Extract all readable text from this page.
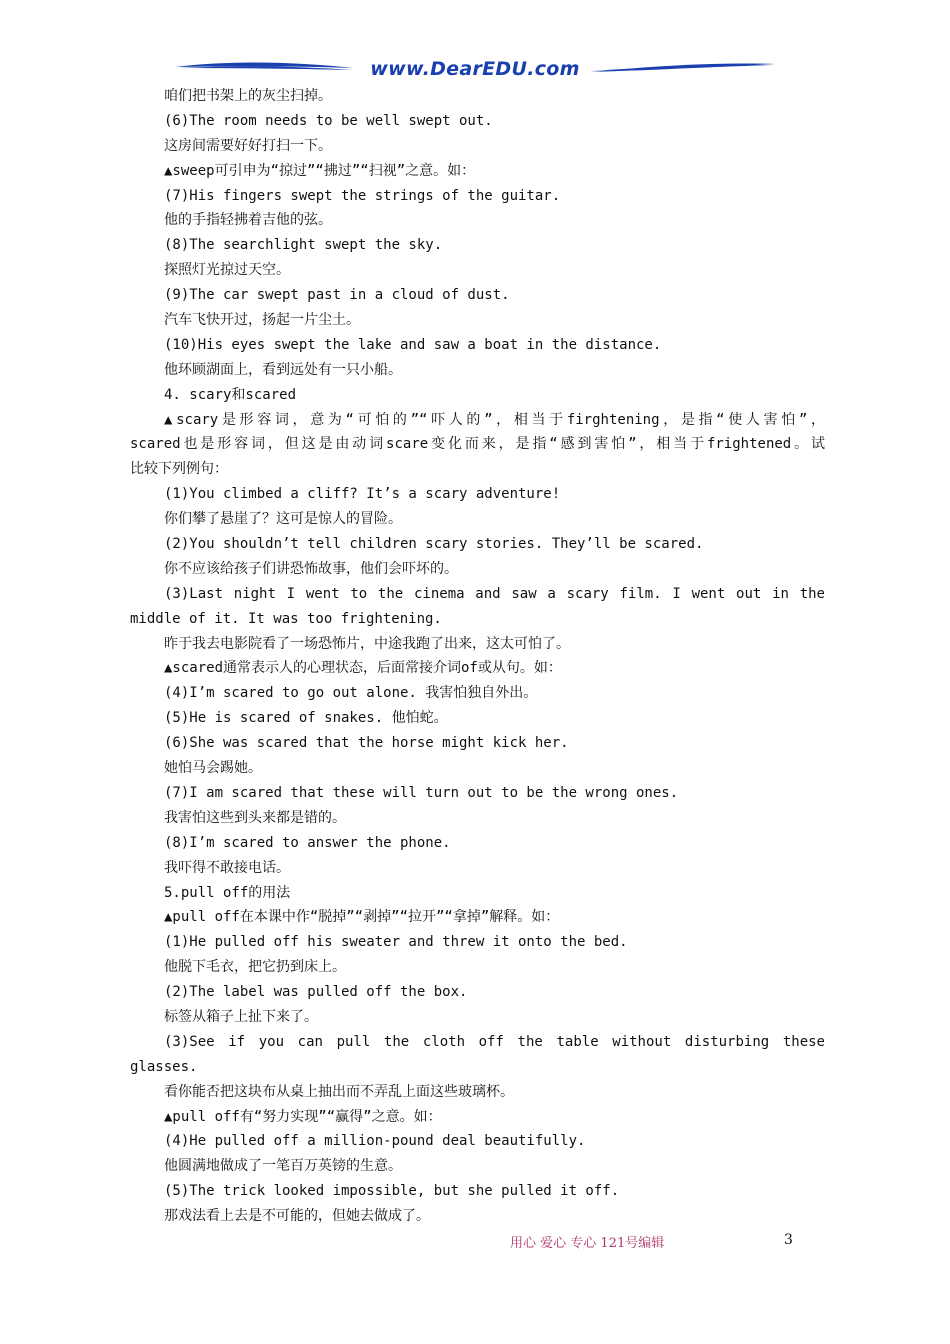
www.DearEDU.com
咱们把书架上的灰尘扫掉。
(6)The room needs to be well swept out.
这房间需要好好打扫一下。
▲sweep可引申为“掠过”“拂过”“扫视”之意。如：
(7)His fingers swept the strings of the guitar.
他的手指轻拂着吉他的弦。
(8)The searchlight swept the sky.
探照灯光掠过天空。
(9)The car swept past in a cloud of dust.
汽车飞快开过，扬起一片尘土。
(10)His eyes swept the lake and saw a boat in the distance.
他环顾湖面上，看到远处有一只小船。
4. scary和scared
▲scary是形容词，意为“可怕的”“吓人的”，相当于firghtening，是指“使人害怕”，
scared也是形容词，但这是由动词scare变化而来，是指“感到害怕”，相当于frightened。试
比较下列例句：
(1)You climbed a cliff? It’s a scary adventure!
你们攀了悬崖了？这可是惊人的冒险。
(2)You shouldn’t tell children scary stories. They’ll be scared.
你不应该给孩子们讲恐怖故事，他们会吓坏的。
(3)Last night I went to the cinema and saw a scary film. I went out in the
middle of it. It was too frightening.
昨于我去电影院看了一场恐怖片，中途我跑了出来，这太可怕了。
▲scared通常表示人的心理状态，后面常接介词of或从句。如：
(4)I’m scared to go out alone. 我害怕独自外出。
(5)He is scared of snakes. 他怕蛇。
(6)She was scared that the horse might kick her.
她怕马会踢她。
(7)I am scared that these will turn out to be the wrong ones.
我害怕这些到头来都是错的。
(8)I’m scared to answer the phone.
我吓得不敢接电话。
5.pull off的用法
▲pull off在本课中作“脱掉”“剥掉”“拉开”“拿掉”解释。如：
(1)He pulled off his sweater and threw it onto the bed.
他脱下毛衣，把它扔到床上。
(2)The label was pulled off the box.
标签从箱子上扯下来了。
(3)See if you can pull the cloth off the table without disturbing these
glasses.
看你能否把这块布从桌上抽出而不弄乱上面这些玻璃杯。
▲pull off有“努力实现”“赢得”之意。如：
(4)He pulled off a million-pound deal beautifully.
他圆满地做成了一笔百万英镑的生意。
(5)The trick looked impossible, but she pulled it off.
那戏法看上去是不可能的，但她去做成了。
用心 爱心 专心 121号编辑	3
